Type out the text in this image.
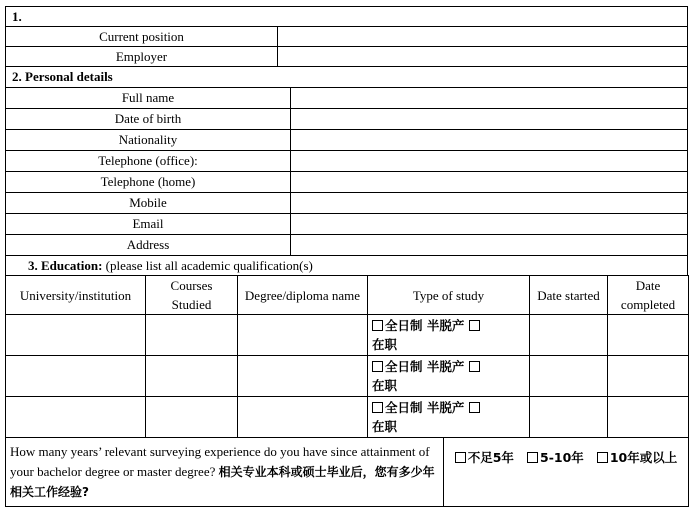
1.
Current position
Employer
2. Personal details
Full name
Date of birth
Nationality
Telephone (office):
Telephone (home)
Mobile
Email
Address
3. Education: (please list all academic qualification(s)
University/institution	Courses Studied	Degree/diploma name	Type of study	Date started	Date completed

			全日制 半脱产
在职		

			全日制 半脱产
在职		

			全日制 半脱产
在职		

How many years’ relevant surveying experience do you have since attainment of your bachelor degree or master degree? 相关专业本科或硕士毕业后，您有多少年相关工作经验?	
不足5年 5-10年 10年或以上
